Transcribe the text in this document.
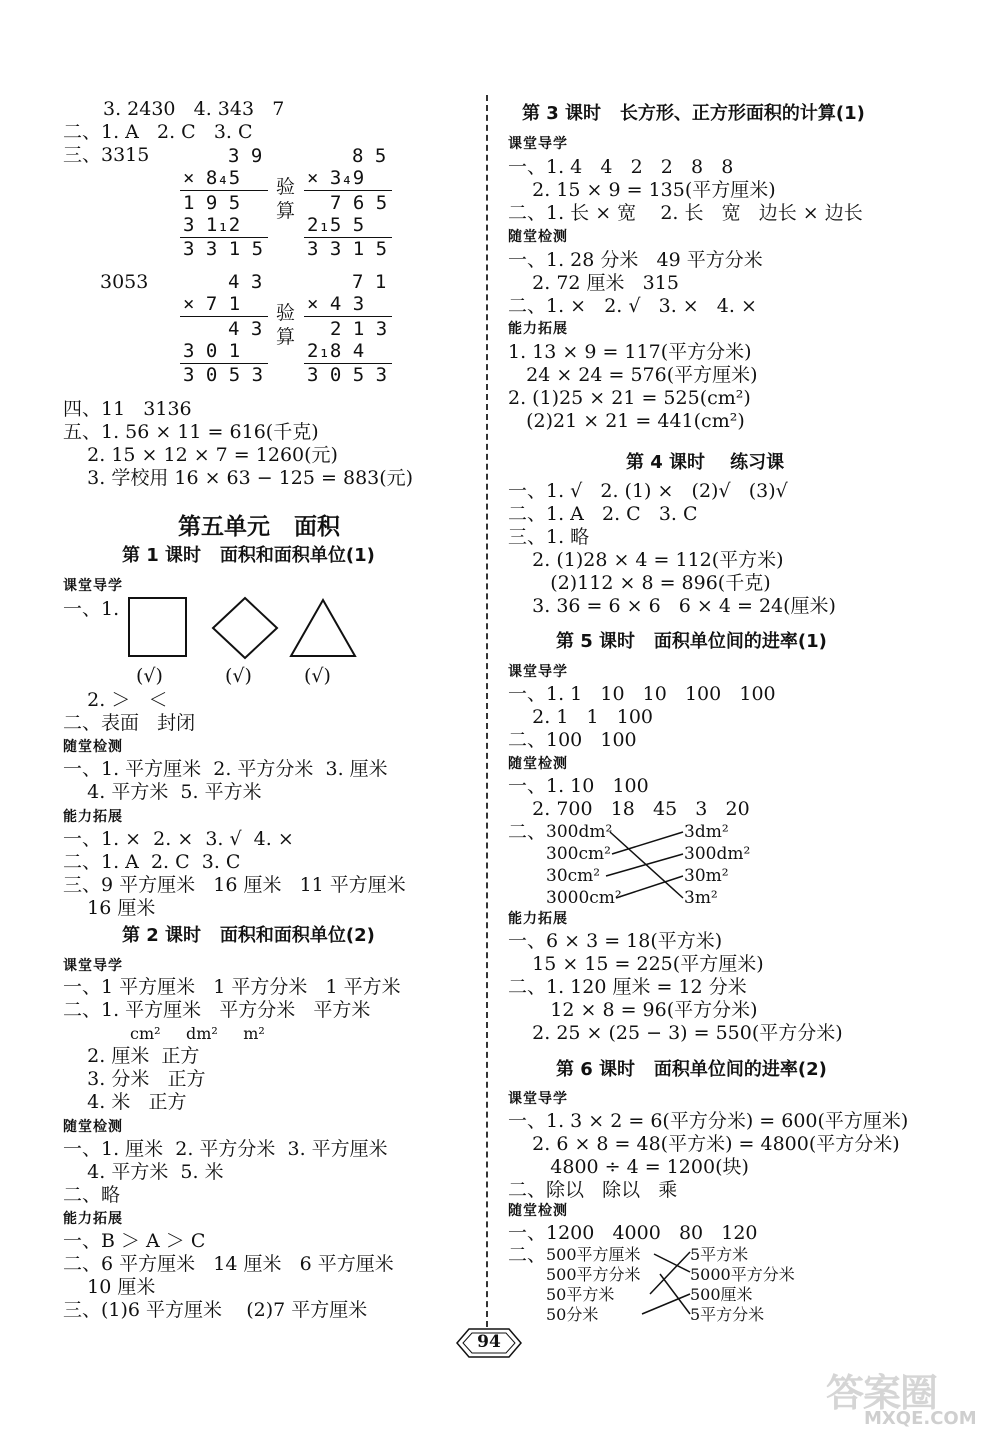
3. 2430   4. 343   7
二、1. A   2. C   3. C
三、3315	3 9
× 8₄5
1 9 5
3 1₁2
3 3 1 5
验算
8 5
× 3₄9
7 6 5
2₁5 5
3 3 1 5
3053	4 3
× 7 1
4 3
3 0 1
3 0 5 3
验算
7 1
× 4 3
2 1 3
2₁8 4
3 0 5 3
四、11   3136
五、1. 56 × 11 = 616(千克)
2. 15 × 12 × 7 = 1260(元)
3. 学校用 16 × 63 − 125 = 883(元)
第五单元   面积
第 1 课时   面积和面积单位(1)
课堂导学
一、1.
(√)	(√)	(√)
2. ＞   ＜
二、表面   封闭
随堂检测
一、1. 平方厘米  2. 平方分米  3. 厘米
4. 平方米  5. 平方米
能力拓展
一、1. ×  2. ×  3. √  4. ×
二、1. A  2. C  3. C
三、9 平方厘米   16 厘米   11 平方厘米
16 厘米
第 2 课时   面积和面积单位(2)
课堂导学
一、1 平方厘米   1 平方分米   1 平方米
二、1. 平方厘米   平方分米   平方米
cm²     dm²     m²
2. 厘米  正方
3. 分米   正方
4. 米   正方
随堂检测
一、1. 厘米  2. 平方分米  3. 平方厘米
4. 平方米  5. 米
二、略
能力拓展
一、B ＞ A ＞ C
二、6 平方厘米   14 厘米   6 平方厘米
10 厘米
三、(1)6 平方厘米    (2)7 平方厘米
第 3 课时   长方形、正方形面积的计算(1)
课堂导学
一、1. 4   4   2   2   8   8
2. 15 × 9 = 135(平方厘米)
二、1. 长 × 宽    2. 长   宽   边长 × 边长
随堂检测
一、1. 28 分米   49 平方分米
2. 72 厘米   315
二、1. ×   2. √   3. ×   4. ×
能力拓展
1. 13 × 9 = 117(平方分米)
24 × 24 = 576(平方厘米)
2. (1)25 × 21 = 525(cm²)
(2)21 × 21 = 441(cm²)
第 4 课时    练习课
一、1. √   2. (1) ×   (2)√   (3)√
二、1. A   2. C   3. C
三、1. 略
2. (1)28 × 4 = 112(平方米)
(2)112 × 8 = 896(千克)
3. 36 = 6 × 6   6 × 4 = 24(厘米)
第 5 课时   面积单位间的进率(1)
课堂导学
一、1. 1   10   10   100   100
2. 1   1   100
二、100   100
随堂检测
一、1. 10   100
2. 700   18   45   3   20
二、 300dm²
300cm²
30cm²
3000cm²
3dm²
300dm²
30m²
3m²
能力拓展
一、6 × 3 = 18(平方米)
15 × 15 = 225(平方厘米)
二、1. 120 厘米 = 12 分米
12 × 8 = 96(平方分米)
2. 25 × (25 − 3) = 550(平方分米)
第 6 课时   面积单位间的进率(2)
课堂导学
一、1. 3 × 2 = 6(平方分米) = 600(平方厘米)
2. 6 × 8 = 48(平方米) = 4800(平方分米)
4800 ÷ 4 = 1200(块)
二、除以   除以   乘
随堂检测
一、1200   4000   80   120
二、 500平方厘米
500平方分米
50平方米
50分米
5平方米
5000平方分米
500厘米
5平方分米
94
答案圈
MXQE.COM
